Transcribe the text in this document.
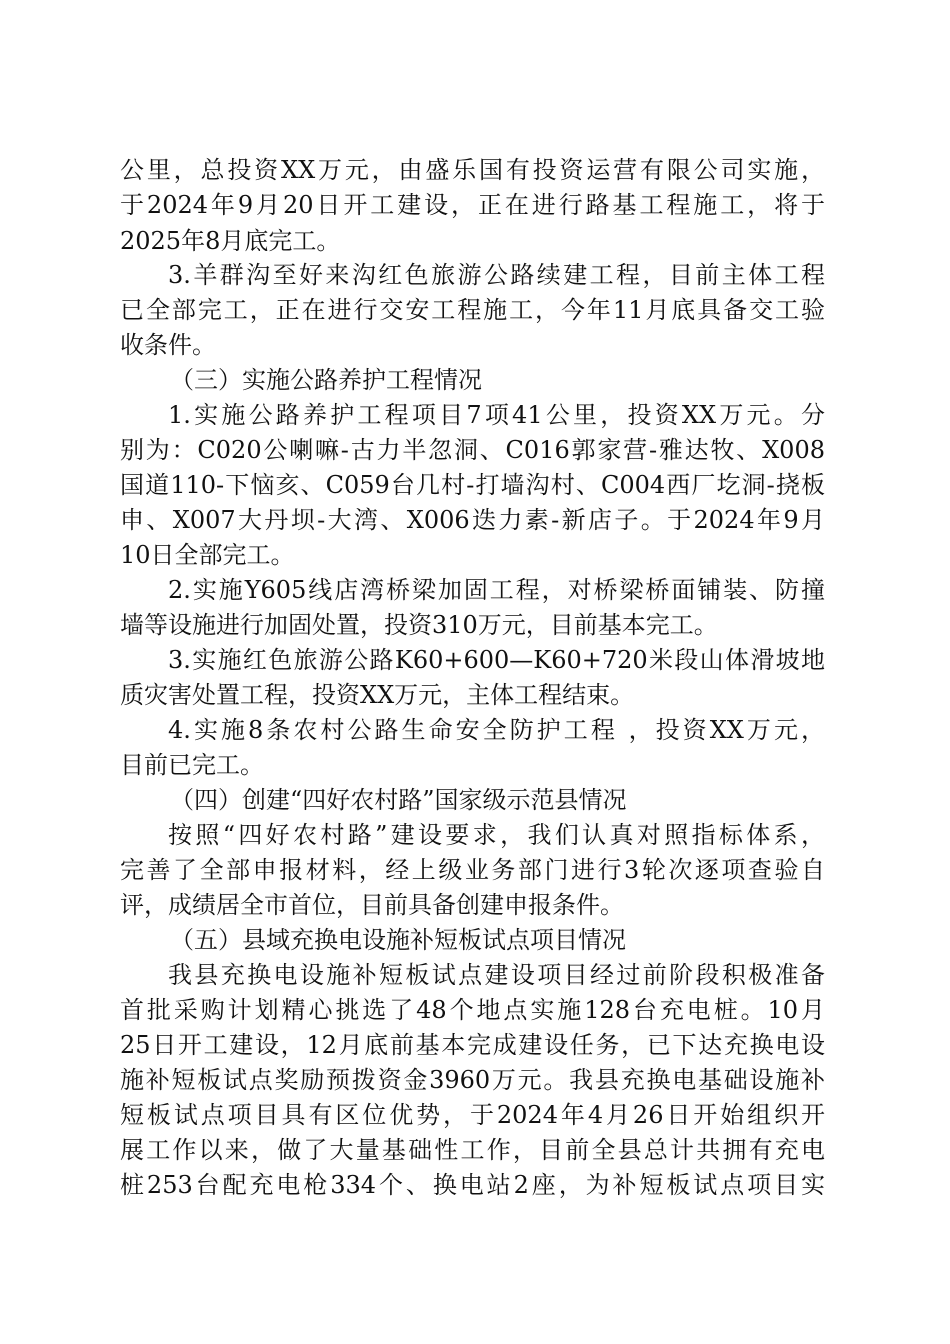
公里，总投资XX万元，由盛乐国有投资运营有限公司实施，
于2024年9月20日开工建设，正在进行路基工程施工，将于
2025年8月底完工。
3.羊群沟至好来沟红色旅游公路续建工程，目前主体工程
已全部完工，正在进行交安工程施工，今年11月底具备交工验
收条件。
（三）实施公路养护工程情况
1.实施公路养护工程项目7项41公里，投资XX万元。分
别为：C020公喇嘛-古力半忽洞、C016郭家营-雅达牧、X008
国道110-下恼亥、C059台几村-打墙沟村、C004西厂圪洞-挠板
申、X007大丹坝-大湾、X006迭力素-新店子。于2024年9月
10日全部完工。
2.实施Y605线店湾桥梁加固工程，对桥梁桥面铺装、防撞
墙等设施进行加固处置，投资310万元，目前基本完工。
3.实施红色旅游公路K60+600—K60+720米段山体滑坡地
质灾害处置工程，投资XX万元，主体工程结束。
4.实施8条农村公路生命安全防护工程 ，投资XX万元，
目前已完工。
（四）创建“四好农村路”国家级示范县情况
按照“四好农村路”建设要求，我们认真对照指标体系，
完善了全部申报材料，经上级业务部门进行3轮次逐项查验自
评，成绩居全市首位，目前具备创建申报条件。
（五）县域充换电设施补短板试点项目情况
我县充换电设施补短板试点建设项目经过前阶段积极准备
首批采购计划精心挑选了48个地点实施128台充电桩。10月
25日开工建设，12月底前基本完成建设任务，已下达充换电设
施补短板试点奖励预拨资金3960万元。我县充换电基础设施补
短板试点项目具有区位优势，于2024年4月26日开始组织开
展工作以来，做了大量基础性工作，目前全县总计共拥有充电
桩253台配充电枪334个、换电站2座，为补短板试点项目实
